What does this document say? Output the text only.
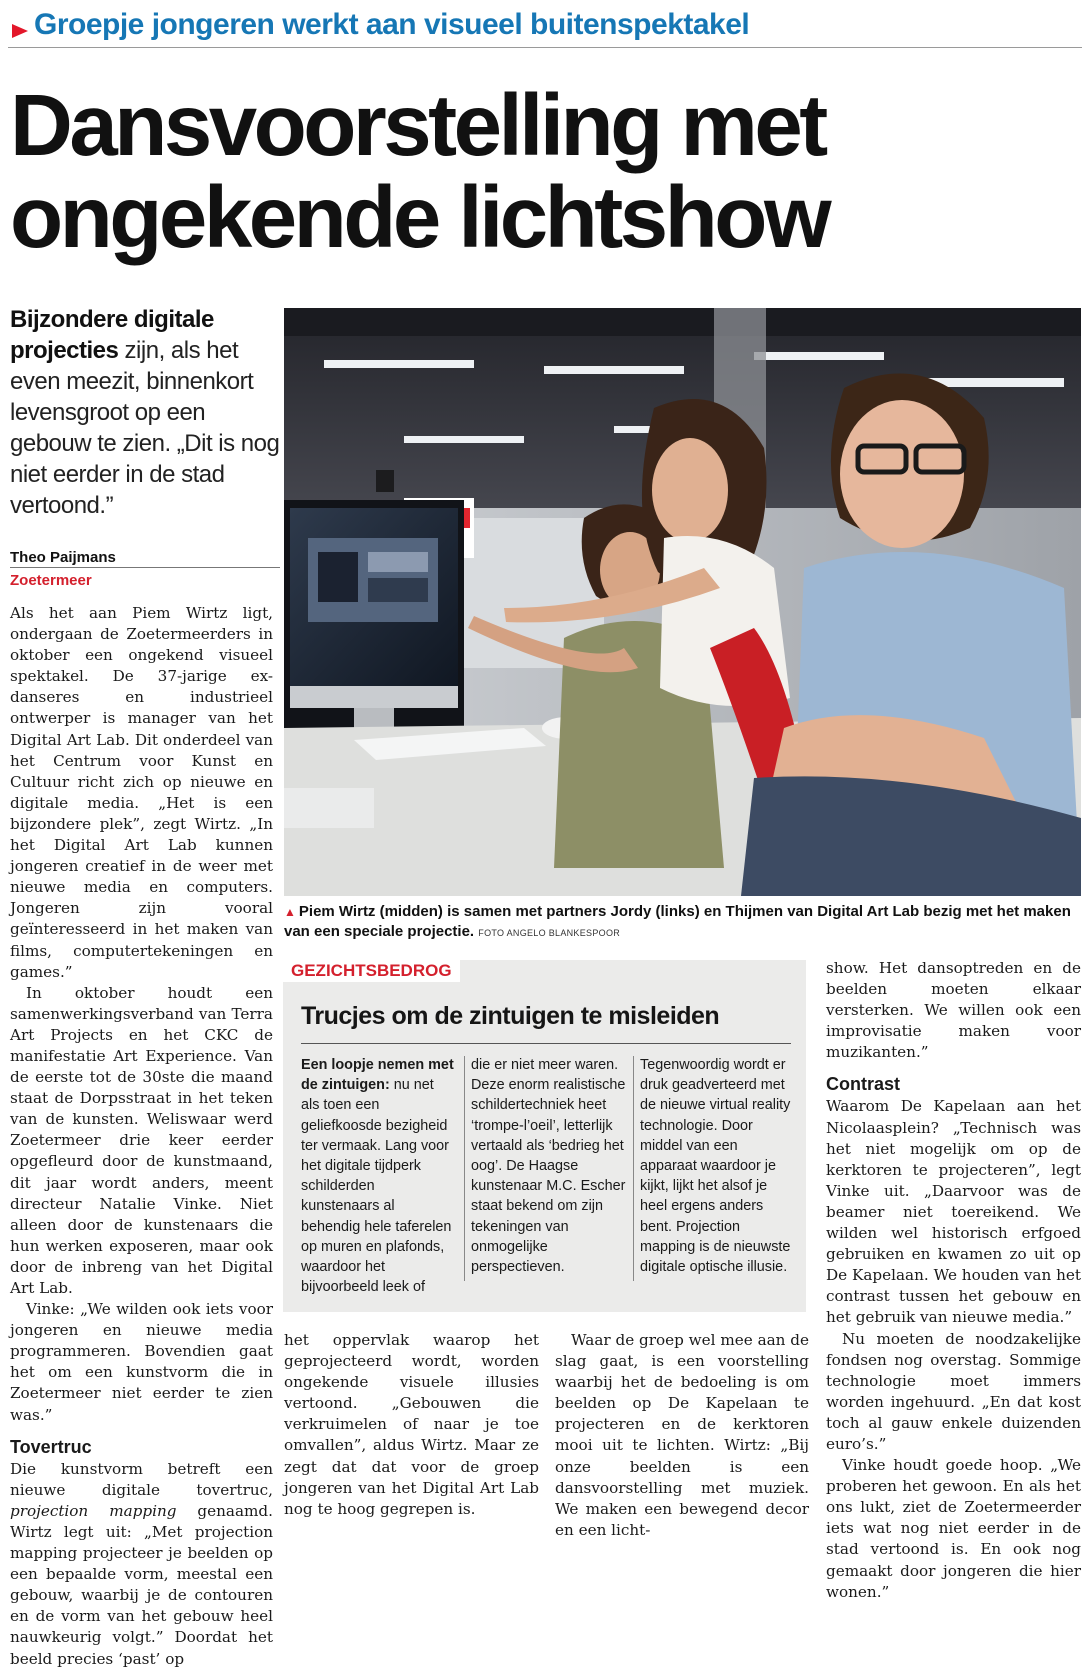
Groepje jongeren werkt aan visueel buitenspektakel
Dansvoorstelling met
ongekende lichtshow
Bijzondere digitale projecties zijn, als het even meezit, binnenkort levensgroot op een gebouw te zien. „Dit is nog niet eerder in de stad vertoond.”
Theo Paijmans
Zoetermeer

Als het aan Piem Wirtz ligt, ondergaan de Zoetermeerders in oktober een ongekend visueel spektakel. De 37-jarige ex-danseres en industrieel ontwerper is manager van het Digital Art Lab. Dit onderdeel van het Centrum voor Kunst en Cultuur richt zich op nieuwe en digitale media. „Het is een bijzondere plek”, zegt Wirtz. „In het Digital Art Lab kunnen jongeren creatief in de weer met nieuwe media en computers. Jongeren zijn vooral geïnteresseerd in het maken van films, computertekeningen en games.”

In oktober houdt een samenwerkingsverband van Terra Art Projects en het CKC de manifestatie Art Experience. Van de eerste tot de 30ste die maand staat de Dorpsstraat in het teken van de kunsten. Weliswaar werd Zoetermeer drie keer eerder opgefleurd door de kunstmaand, dit jaar wordt anders, meent directeur Natalie Vinke. Niet alleen door de kunstenaars die hun werken exposeren, maar ook door de inbreng van het Digital Art Lab.

Vinke: „We wilden ook iets voor jongeren en nieuwe media programmeren. Bovendien gaat het om een kunstvorm die in Zoetermeer niet eerder te zien was.”

Tovertruc

Die kunstvorm betreft een nieuwe digitale tovertruc, projection mapping genaamd. Wirtz legt uit: „Met projection mapping projecteer je beelden op een bepaalde vorm, meestal een gebouw, waarbij je de contouren en de vorm van het gebouw heel nauwkeurig volgt.” Doordat het beeld precies ‘past’ op

▲ Piem Wirtz (midden) is samen met partners Jordy (links) en Thijmen van Digital Art Lab bezig met het maken van een speciale projectie. FOTO ANGELO BLANKESPOOR
GEZICHTSBEDROG
Trucjes om de zintuigen te misleiden
Een loopje nemen met de zintuigen: nu net als toen een geliefkoosde bezigheid ter vermaak. Lang voor het digitale tijdperk schilderden kunstenaars al behendig hele taferelen op muren en plafonds, waardoor het bijvoorbeeld leek of
die er niet meer waren. Deze enorm realistische schildertechniek heet ‘trompe-l’oeil’, letterlijk vertaald als ‘bedrieg het oog’. De Haagse kunstenaar M.C. Escher staat bekend om zijn tekeningen van onmogelijke perspectieven.
Tegenwoordig wordt er druk geadverteerd met de nieuwe virtual reality technologie. Door middel van een apparaat waardoor je kijkt, lijkt het alsof je heel ergens anders bent. Projection mapping is de nieuwste digitale optische illusie.

het oppervlak waarop het geprojecteerd wordt, worden ongekende visuele illusies vertoond. „Gebouwen die verkruimelen of naar je toe omvallen”, aldus Wirtz. Maar ze zegt dat dat voor de groep jongeren van het Digital Art Lab nog te hoog gegrepen is.

Waar de groep wel mee aan de slag gaat, is een voorstelling waarbij het de bedoeling is om beelden op De Kapelaan te projecteren en de kerktoren mooi uit te lichten. Wirtz: „Bij onze beelden is een dansvoorstelling met muziek. We maken een bewegend decor en een licht-

show. Het dansoptreden en de beelden moeten elkaar versterken. We willen ook een improvisatie maken voor muzikanten.”

Contrast

Waarom De Kapelaan aan het Nicolaasplein? „Technisch was het niet mogelijk om op de kerktoren te projecteren”, legt Vinke uit. „Daarvoor was de beamer niet toereikend. We wilden wel historisch erfgoed gebruiken en kwamen zo uit op De Kapelaan. We houden van het contrast tussen het gebouw en het gebruik van nieuwe media.”

Nu moeten de noodzakelijke fondsen nog overstag. Sommige technologie moet immers worden ingehuurd. „En dat kost toch al gauw enkele duizenden euro’s.”

Vinke houdt goede hoop. „We proberen het gewoon. En als het ons lukt, ziet de Zoetermeerder iets wat nog niet eerder in de stad vertoond is. En ook nog gemaakt door jongeren die hier wonen.”
